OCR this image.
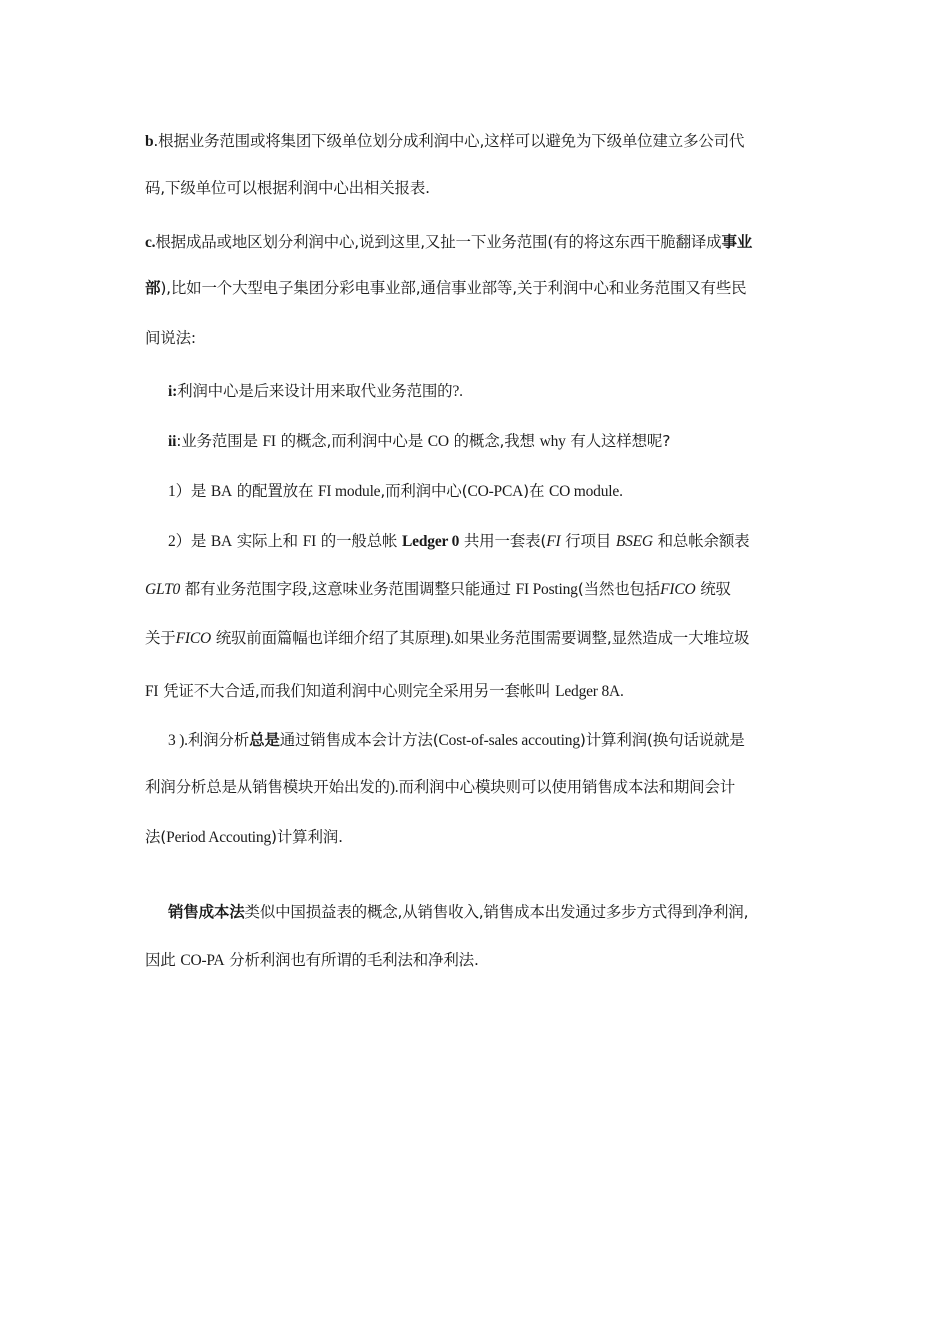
b.根据业务范围或将集团下级单位划分成利润中心,这样可以避免为下级单位建立多公司代
码,下级单位可以根据利润中心出相关报表.
c.根据成品或地区划分利润中心,说到这里,又扯一下业务范围(有的将这东西干脆翻译成事业
部),比如一个大型电子集团分彩电事业部,通信事业部等,关于利润中心和业务范围又有些民
间说法:
i:利润中心是后来设计用来取代业务范围的?.
ii:业务范围是 FI 的概念,而利润中心是 CO 的概念,我想 why 有人这样想呢?
1）是 BA 的配置放在 FI module,而利润中心(CO-PCA)在 CO module.
2）是 BA 实际上和 FI 的一般总帐 Ledger 0 共用一套表(FI 行项目 BSEG 和总帐余额表
GLT0 都有业务范围字段,这意味业务范围调整只能通过 FI Posting(当然也包括FICO 统驭
关于FICO 统驭前面篇幅也详细介绍了其原理).如果业务范围需要调整,显然造成一大堆垃圾
FI 凭证不大合适,而我们知道利润中心则完全采用另一套帐叫 Ledger 8A.
3 ).利润分析总是通过销售成本会计方法(Cost-of-sales accouting)计算利润(换句话说就是
利润分析总是从销售模块开始出发的).而利润中心模块则可以使用销售成本法和期间会计
法(Period Accouting)计算利润.
销售成本法类似中国损益表的概念,从销售收入,销售成本出发通过多步方式得到净利润,
因此 CO-PA 分析利润也有所谓的毛利法和净利法.
